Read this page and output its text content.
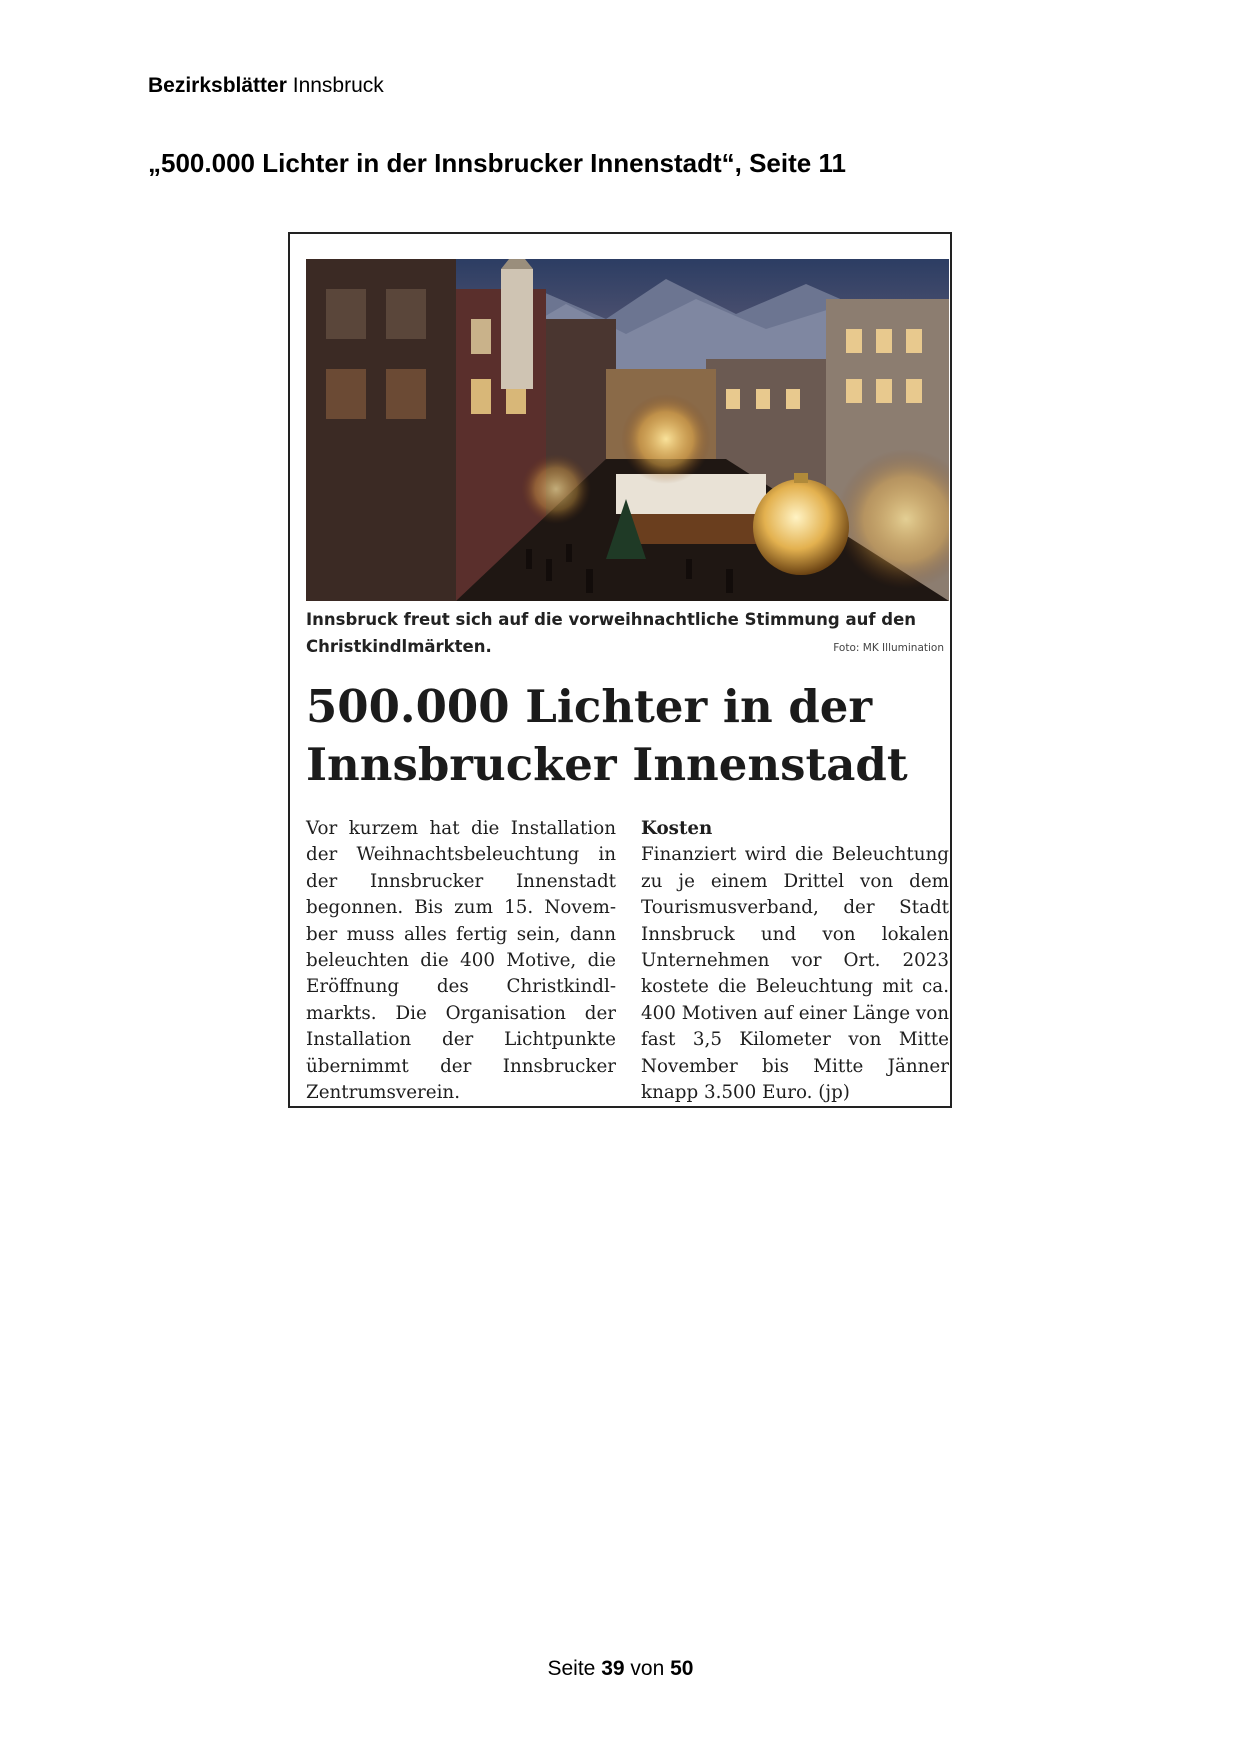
Bezirksblätter Innsbruck
„500.000 Lichter in der Innsbrucker Innenstadt“, Seite 11
Innsbruck freut sich auf die vorweihnachtliche Stimmung auf den Christkindlmärkten.	Foto: MK Illumination
500.000 Lichter in der
Innsbrucker Innenstadt
Vor kurzem hat die Installation der Weihnachtsbeleuchtung in der Innsbrucker Innenstadt begonnen. Bis zum 15. November muss alles fertig sein, dann beleuchten die 400 Motive, die Eröffnung des Christkindlmarkts. Die Organisation der Installation der Lichtpunkte übernimmt der Innsbrucker Zentrumsverein.
Kosten
Finanziert wird die Beleuchtung zu je einem Drittel von dem Tourismusverband, der Stadt Innsbruck und von lokalen Unternehmen vor Ort. 2023 kostete die Beleuchtung mit ca. 400 Motiven auf einer Länge von fast 3,5 Kilometer von Mitte November bis Mitte Jänner knapp 3.500 Euro. (jp)
Seite 39 von 50
